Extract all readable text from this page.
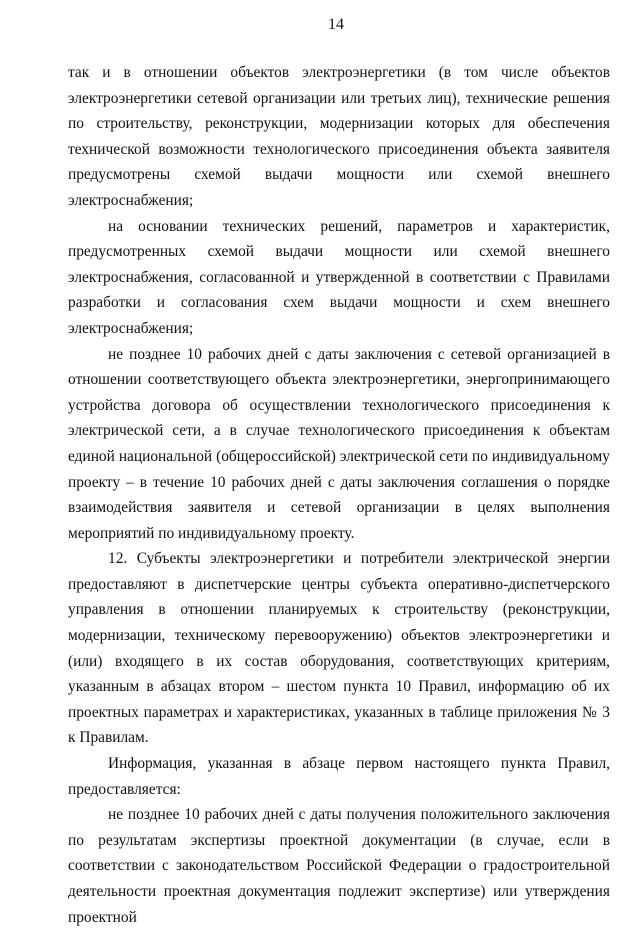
14

так и в отношении объектов электроэнергетики (в том числе объектов электроэнергетики сетевой организации или третьих лиц), технические решения по строительству, реконструкции, модернизации которых для обеспечения технической возможности технологического присоединения объекта заявителя предусмотрены схемой выдачи мощности или схемой внешнего электроснабжения;

на основании технических решений, параметров и характеристик, предусмотренных схемой выдачи мощности или схемой внешнего электроснабжения, согласованной и утвержденной в соответствии с Правилами разработки и согласования схем выдачи мощности и схем внешнего электроснабжения;

не позднее 10 рабочих дней с даты заключения с сетевой организацией в отношении соответствующего объекта электроэнергетики, энергопринимающего устройства договора об осуществлении технологического присоединения к электрической сети, а в случае технологического присоединения к объектам единой национальной (общероссийской) электрической сети по индивидуальному проекту – в течение 10 рабочих дней с даты заключения соглашения о порядке взаимодействия заявителя и сетевой организации в целях выполнения мероприятий по индивидуальному проекту.

12. Субъекты электроэнергетики и потребители электрической энергии предоставляют в диспетчерские центры субъекта оперативно-диспетчерского управления в отношении планируемых к строительству (реконструкции, модернизации, техническому перевооружению) объектов электроэнергетики и (или) входящего в их состав оборудования, соответствующих критериям, указанным в абзацах втором – шестом пункта 10 Правил, информацию об их проектных параметрах и характеристиках, указанных в таблице приложения № 3 к Правилам.

Информация, указанная в абзаце первом настоящего пункта Правил, предоставляется:

не позднее 10 рабочих дней с даты получения положительного заключения по результатам экспертизы проектной документации (в случае, если в соответствии с законодательством Российской Федерации о градостроительной деятельности проектная документация подлежит экспертизе) или утверждения проектной
